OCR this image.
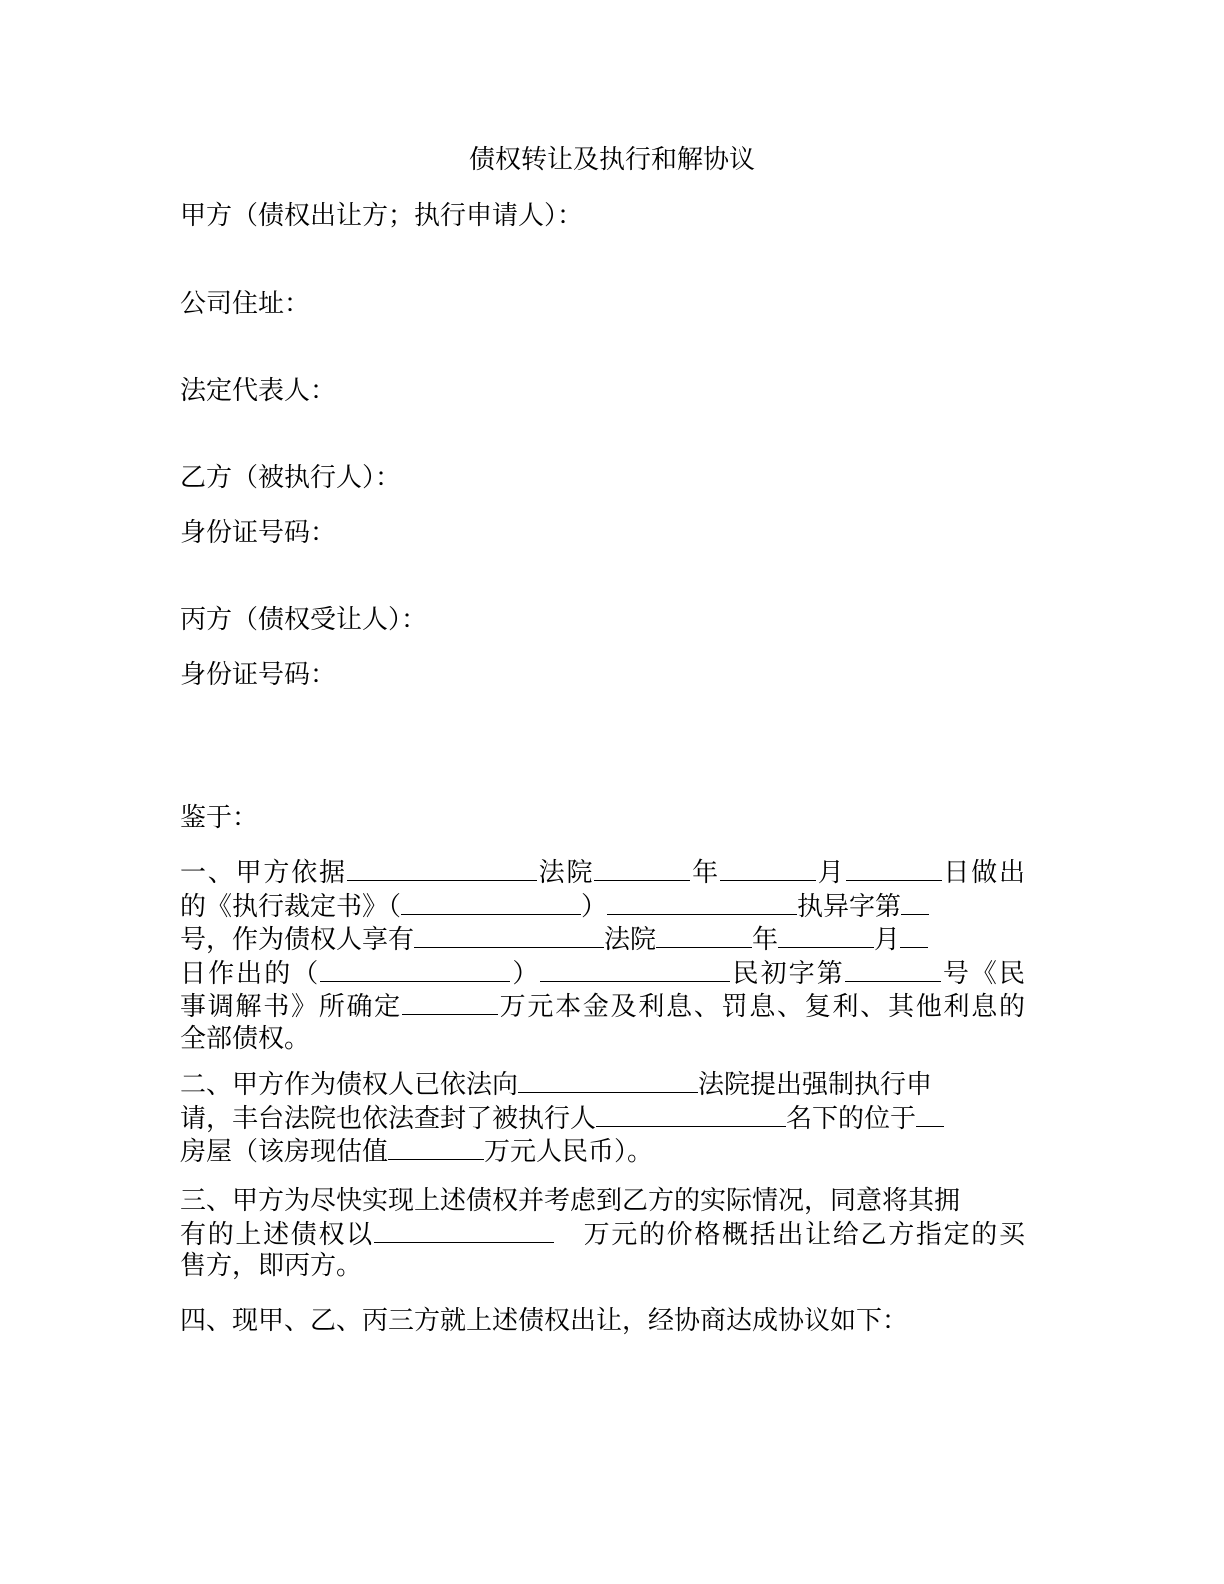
债权转让及执行和解协议
甲方（债权出让方；执行申请人）：
公司住址：
法定代表人：
乙方（被执行人）：
身份证号码：
丙方（债权受让人）：
身份证号码：
鉴于：
一、甲方依据	法院	年	月	日做出
的《执行裁定书》（	）	执异字第
号，作为债权人享有	法院	年	月
日作出的（	）	民初字第	号《民
事调解书》所确定	万元本金及利息、罚息、复利、其他利息的
全部债权。
二、甲方作为债权人已依法向	法院提出强制执行申
请，丰台法院也依法查封了被执行人	名下的位于
房屋（该房现估值	万元人民币）。
三、甲方为尽快实现上述债权并考虑到乙方的实际情况，同意将其拥
有的上述债权以	万元的价格概括出让给乙方指定的买
售方，即丙方。
四、现甲、乙、丙三方就上述债权出让，经协商达成协议如下：
